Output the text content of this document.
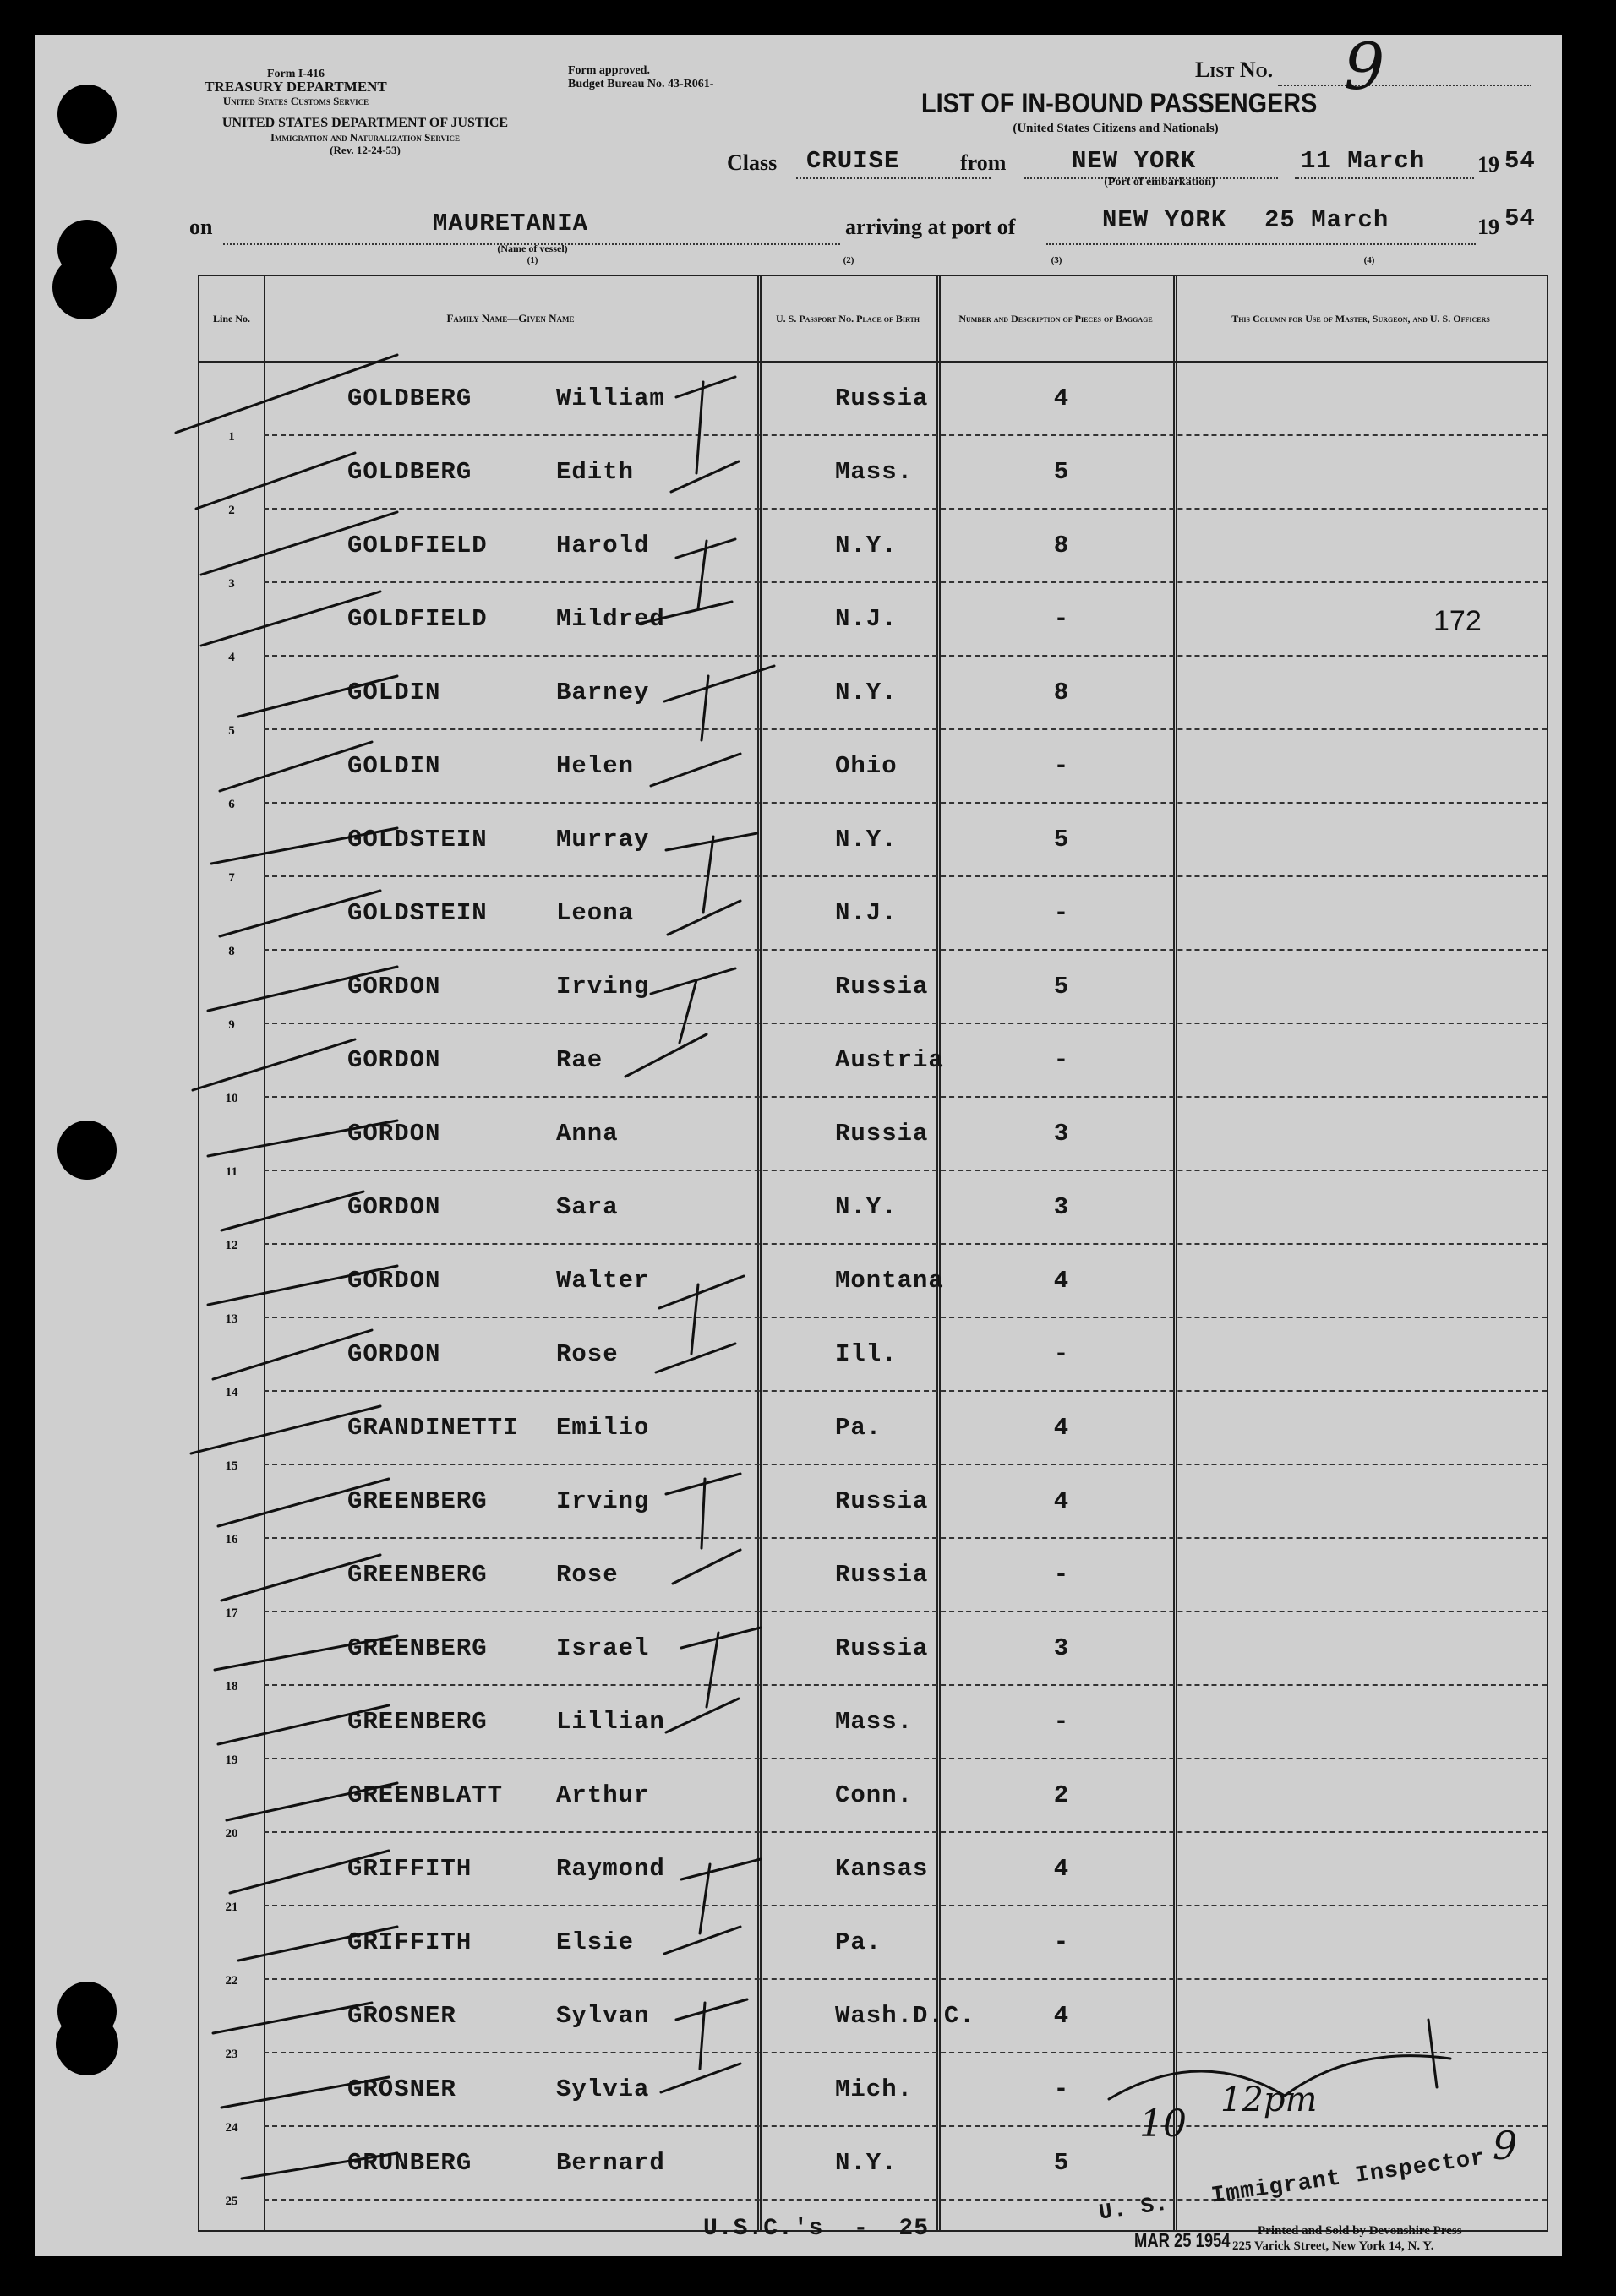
Form I-416
TREASURY DEPARTMENT
United States Customs Service
UNITED STATES DEPARTMENT OF JUSTICE
Immigration and Naturalization Service
(Rev. 12-24-53)
Form approved.
Budget Bureau No. 43-R061-
List No. 9
LIST OF IN-BOUND PASSENGERS
(United States Citizens and Nationals)
Class CRUISE	from	NEW YORK
(Port of embarkation)
11 March 19 54
on	MAURETANIA
(Name of vessel)
(1)
arriving at port of	NEW YORK 25 March	19 54
(2)	(3)	(4)
Line No.	Family Name—Given Name	U. S. Passport No. Place of Birth	Number and Description of Pieces of Baggage	This Column for Use of Master, Surgeon, and U. S. Officers
1
GOLDBERG	William	Russia	4
2
GOLDBERG	Edith	Mass.	5
3
GOLDFIELD	Harold	N.Y.	8
4
GOLDFIELD	Mildred	N.J.	-	172
5
GOLDIN	Barney	N.Y.	8
6
GOLDIN	Helen	Ohio	-
7
GOLDSTEIN	Murray	N.Y.	5
8
GOLDSTEIN	Leona	N.J.	-
9
GORDON	Irving	Russia	5
10
GORDON	Rae	Austria	-
11
GORDON	Anna	Russia	3
12
GORDON	Sara	N.Y.	3
13
GORDON	Walter	Montana	4
14
GORDON	Rose	Ill.	-
15
GRANDINETTI Emilio	Pa.	4
16
GREENBERG	Irving	Russia	4
17
GREENBERG	Rose	Russia	-
18
GREENBERG	Israel	Russia	3
19
GREENBERG	Lillian	Mass.	-
20
GREENBLATT Arthur	Conn.	2
21
GRIFFITH	Raymond	Kansas	4
22
GRIFFITH	Elsie	Pa.	-
23
GROSNER	Sylvan	Wash.D.C.	4
24
GROSNER	Sylvia	Mich.	-
25
GRUNBERG	Bernard	N.Y.	5
U.S.C.'s  -  25
U. S. Immigrant Inspector
9
MAR 25 1954
10
12pm
Printed and Sold by Devonshire Press
225 Varick Street, New York 14, N. Y.
